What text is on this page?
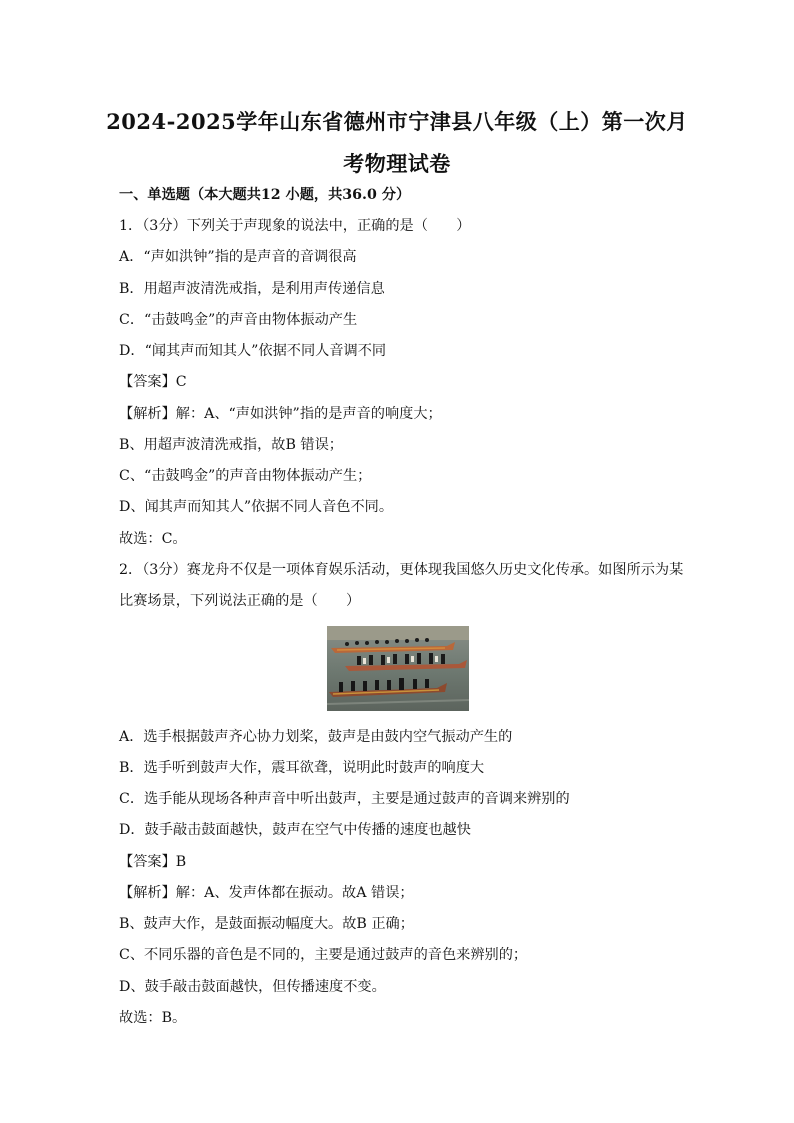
2024-2025学年山东省德州市宁津县八年级（上）第一次月
考物理试卷
一、单选题（本大题共12 小题，共36.0 分）
1．（3分）下列关于声现象的说法中，正确的是（　　）
A．“声如洪钟”指的是声音的音调很高
B．用超声波清洗戒指，是利用声传递信息
C．“击鼓鸣金”的声音由物体振动产生
D．“闻其声而知其人”依据不同人音调不同
【答案】C
【解析】解：A、“声如洪钟”指的是声音的响度大；
B、用超声波清洗戒指，故B 错误；
C、“击鼓鸣金”的声音由物体振动产生；
D、闻其声而知其人”依据不同人音色不同。
故选：C。
2．（3分）赛龙舟不仅是一项体育娱乐活动，更体现我国悠久历史文化传承。如图所示为某
比赛场景，下列说法正确的是（　　）
A．选手根据鼓声齐心协力划桨，鼓声是由鼓内空气振动产生的
B．选手听到鼓声大作，震耳欲聋，说明此时鼓声的响度大
C．选手能从现场各种声音中听出鼓声，主要是通过鼓声的音调来辨别的
D．鼓手敲击鼓面越快，鼓声在空气中传播的速度也越快
【答案】B
【解析】解：A、发声体都在振动。故A 错误；
B、鼓声大作，是鼓面振动幅度大。故B 正确；
C、不同乐器的音色是不同的，主要是通过鼓声的音色来辨别的；
D、鼓手敲击鼓面越快，但传播速度不变。
故选：B。
